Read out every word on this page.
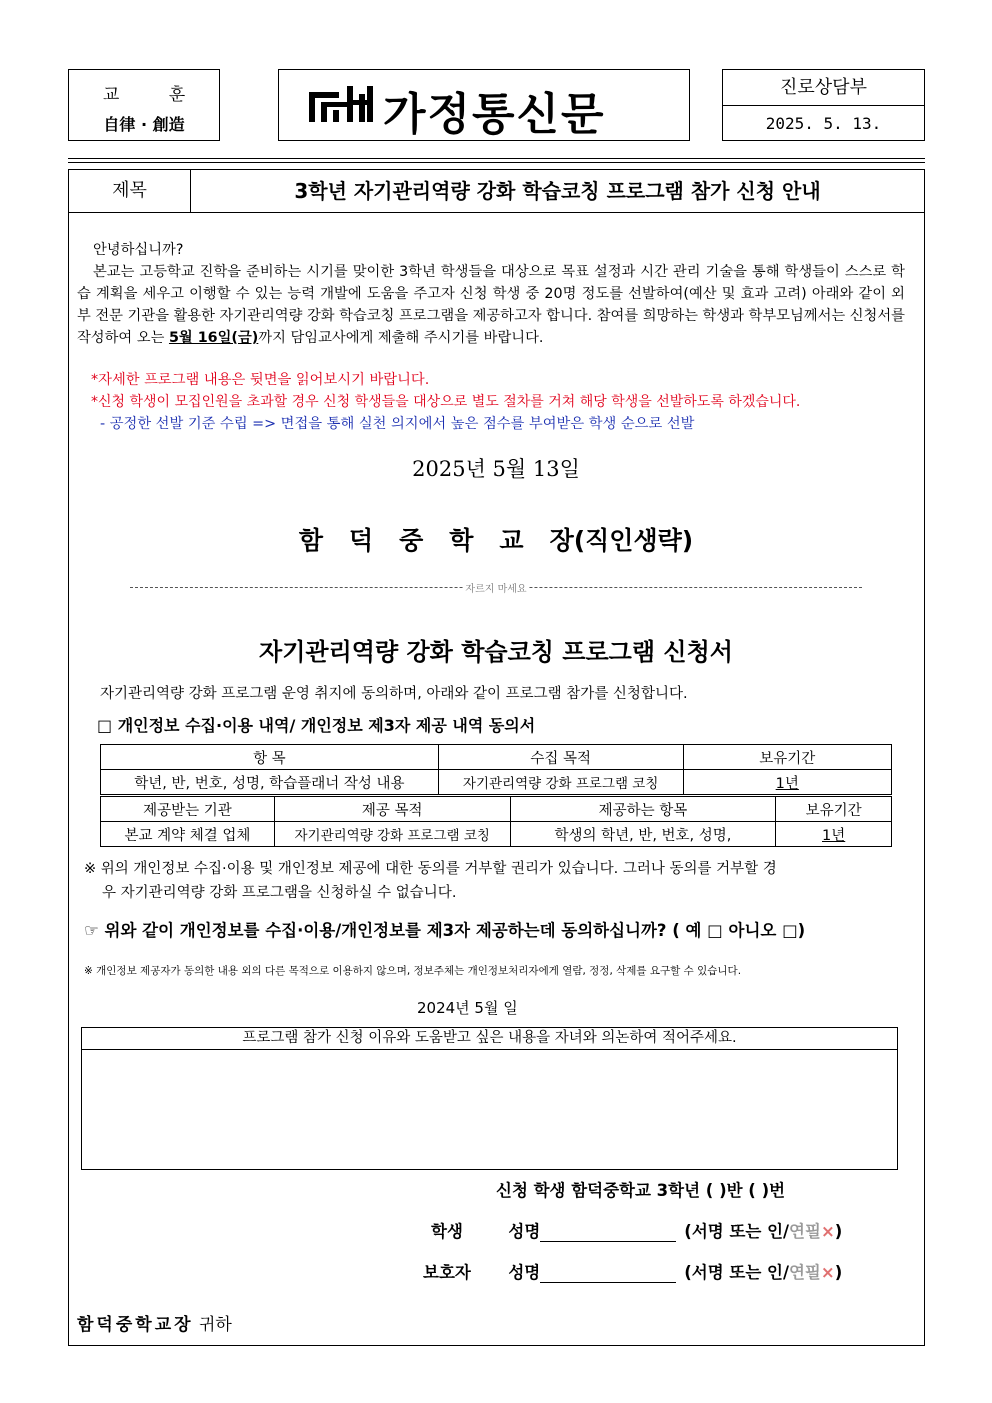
교 훈
自律 · 創造	가정통신문
진로상담부
2025. 5. 13.
제목	3학년 자기관리역량 강화 학습코칭 프로그램 참가 신청 안내
안녕하십니까?
본교는 고등학교 진학을 준비하는 시기를 맞이한 3학년 학생들을 대상으로 목표 설정과 시간 관리 기술을 통해 학생들이 스스로 학습 계획을 세우고 이행할 수 있는 능력 개발에 도움을 주고자 신청 학생 중 20명 정도를 선발하여(예산 및 효과 고려) 아래와 같이 외부 전문 기관을 활용한 자기관리역량 강화 학습코칭 프로그램을 제공하고자 합니다. 참여를 희망하는 학생과 학부모님께서는 신청서를 작성하여 오는 5월 16일(금)까지 담임교사에게 제출해 주시기를 바랍니다.
*자세한 프로그램 내용은 뒷면을 읽어보시기 바랍니다.
*신청 학생이 모집인원을 초과할 경우 신청 학생들을 대상으로 별도 절차를 거쳐 해당 학생을 선발하도록 하겠습니다.
- 공정한 선발 기준 수립 => 면접을 통해 실천 의지에서 높은 점수를 부여받은 학생 순으로 선발
2025년 5월 13일
함덕중학교장(직인생략)
자르지 마세요
자기관리역량 강화 학습코칭 프로그램 신청서
자기관리역량 강화 프로그램 운영 취지에 동의하며, 아래와 같이 프로그램 참가를 신청합니다.
□ 개인정보 수집·이용 내역/ 개인정보 제3자 제공 내역 동의서
항 목	수집 목적	보유기간
학년, 반, 번호, 성명, 학습플래너 작성 내용	자기관리역량 강화 프로그램 코칭	1년
제공받는 기관	제공 목적	제공하는 항목	보유기간
본교 계약 체결 업체	자기관리역량 강화 프로그램 코칭	학생의 학년, 반, 번호, 성명,	1년
※ 위의 개인정보 수집·이용 및 개인정보 제공에 대한 동의를 거부할 권리가 있습니다. 그러나 동의를 거부할 경
우 자기관리역량 강화 프로그램을 신청하실 수 없습니다.
☞ 위와 같이 개인정보를 수집·이용/개인정보를 제3자 제공하는데 동의하십니까? ( 예 □ 아니오 □)
※ 개인정보 제공자가 동의한 내용 외의 다른 목적으로 이용하지 않으며, 정보주체는 개인정보처리자에게 열람, 정정, 삭제를 요구할 수 있습니다.
2024년 5월 일
프로그램 참가 신청 이유와 도움받고 싶은 내용을 자녀와 의논하여 적어주세요.
신청 학생 함덕중학교 3학년 ( )반 ( )번
학생	성명	(서명 또는 인/연필×)
보호자 성명	(서명 또는 인/연필×)
함덕중학교장 귀하
